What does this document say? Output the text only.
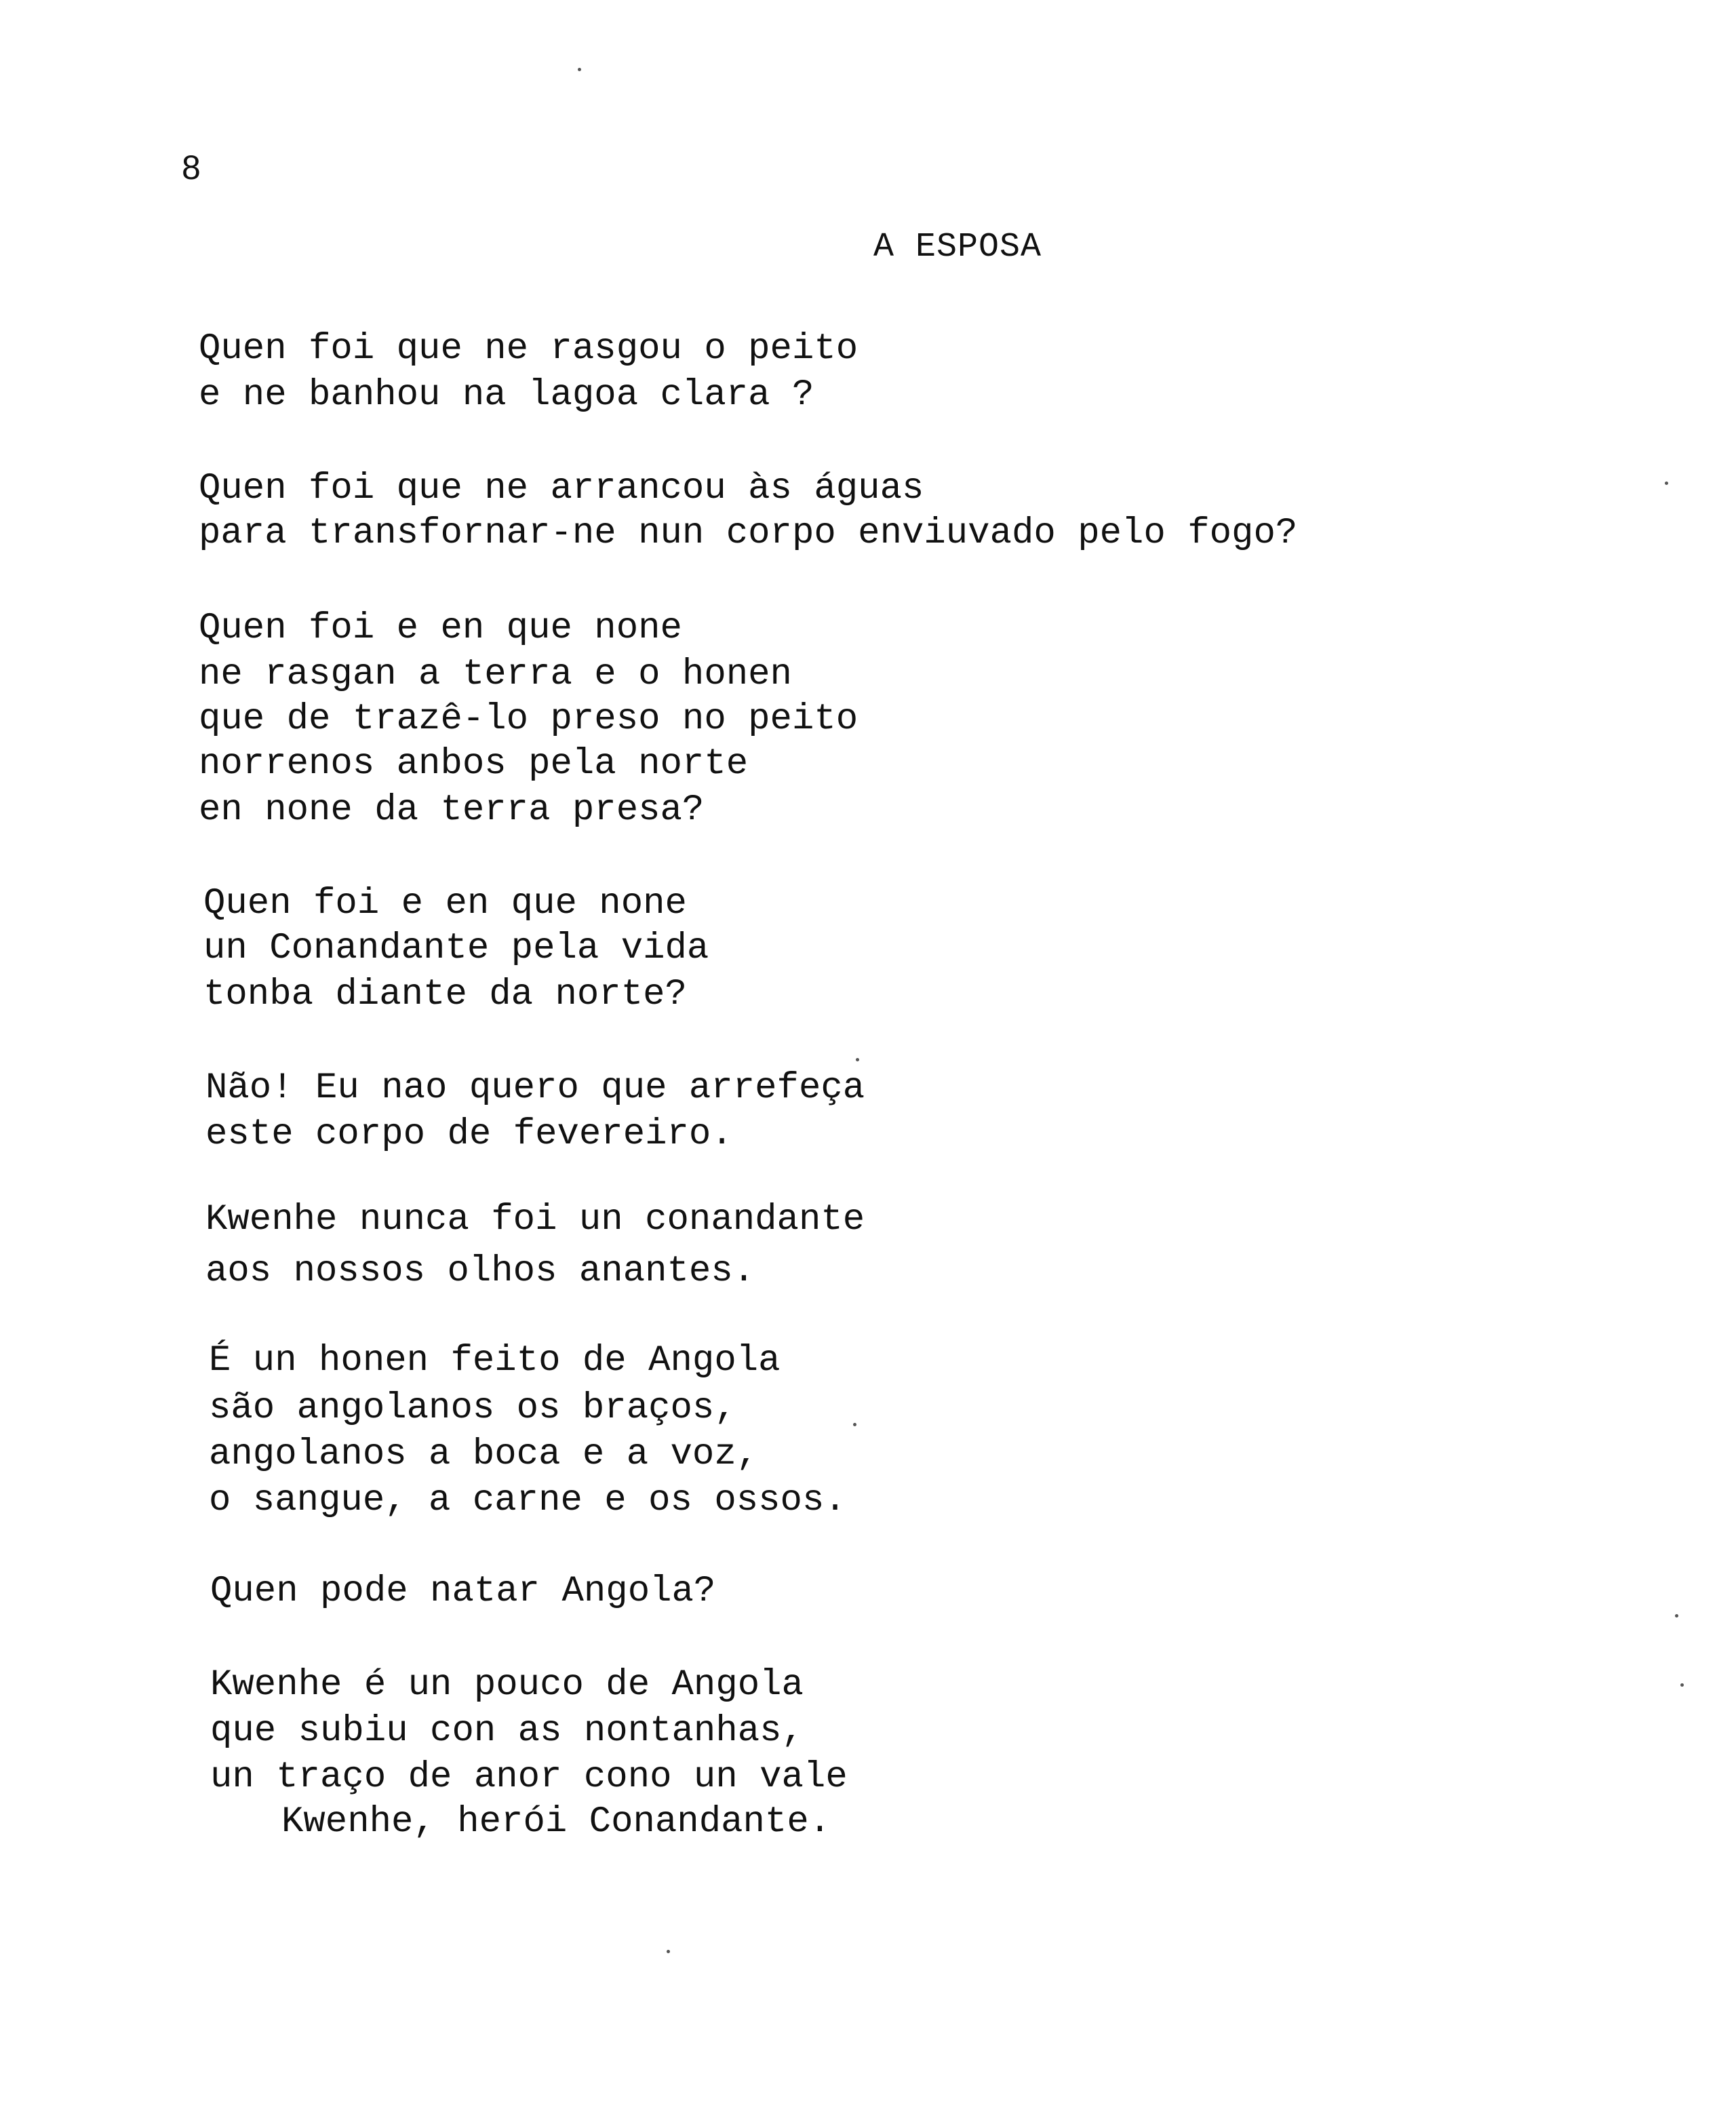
8
A ESPOSA

Quen foi que ne rasgou o peito

e ne banhou na lagoa clara ?

Quen foi que ne arrancou às águas

para transfornar-ne nun corpo enviuvado pelo fogo?

Quen foi e en que none

ne rasgan a terra e o honen

que de trazê-lo preso no peito

norrenos anbos pela norte

en none da terra presa?

Quen foi e en que none

un Conandante pela vida

tonba diante da norte?

Não! Eu nao quero que arrefeça

este corpo de fevereiro.

Kwenhe nunca foi un conandante

aos nossos olhos anantes.

É un honen feito de Angola

são angolanos os braços,

angolanos a boca e a voz,

o sangue, a carne e os ossos.

Quen pode natar Angola?

Kwenhe é un pouco de Angola

que subiu con as nontanhas,

un traço de anor cono un vale

Kwenhe, herói Conandante.
